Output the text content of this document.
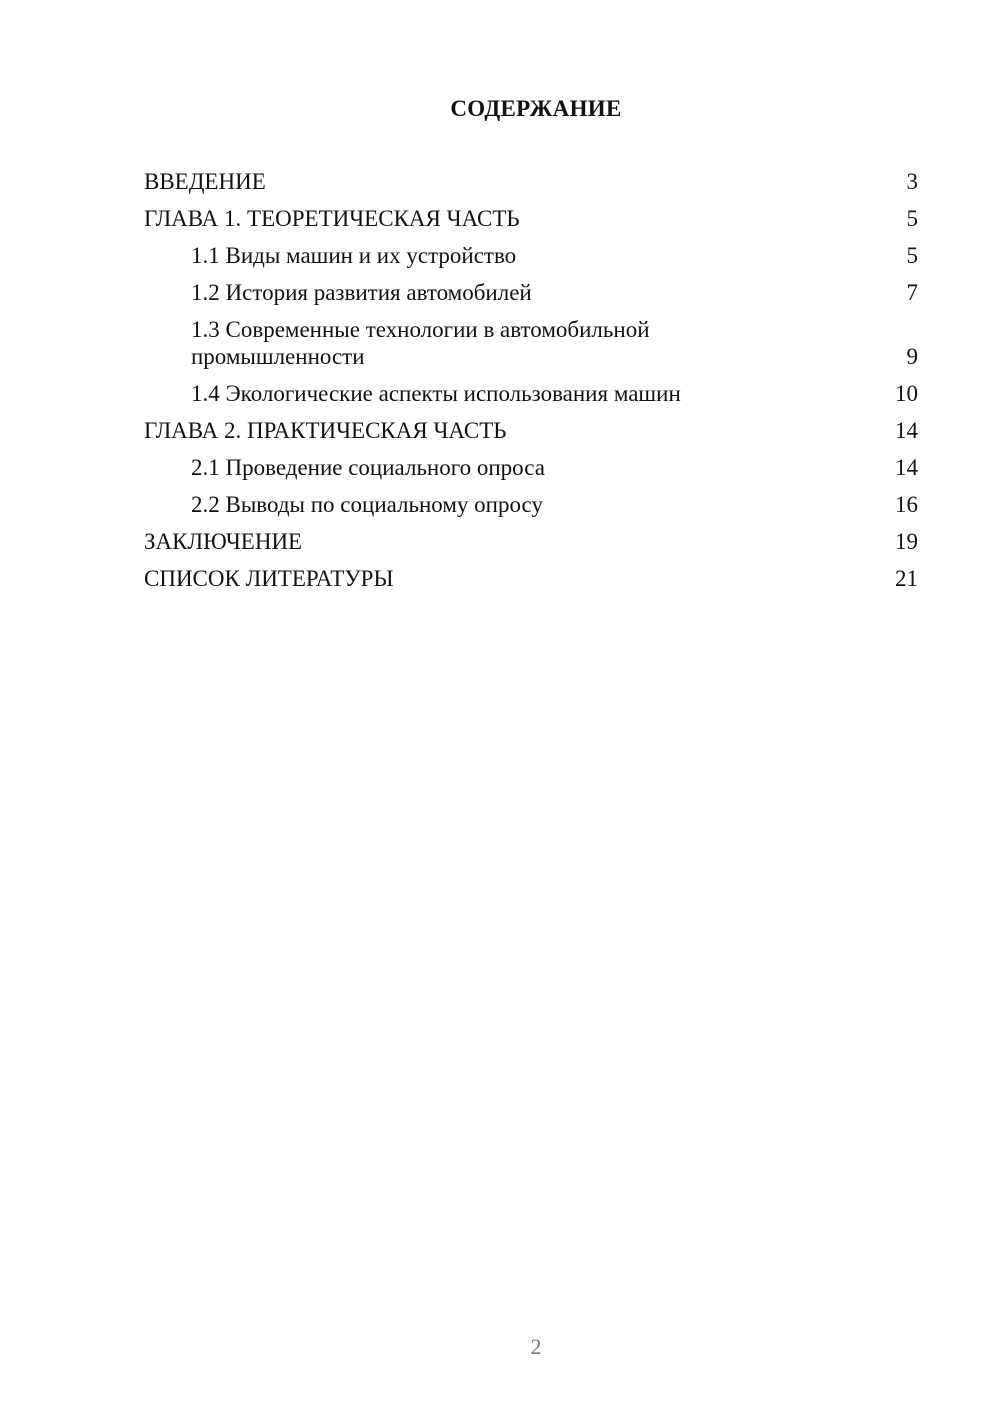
СОДЕРЖАНИЕ
ВВЕДЕНИЕ	3
ГЛАВА 1. ТЕОРЕТИЧЕСКАЯ ЧАСТЬ	5
1.1 Виды машин и их устройство	5
1.2 История развития автомобилей	7
1.3 Современные технологии в автомобильной промышленности	9
1.4 Экологические аспекты использования машин	10
ГЛАВА 2. ПРАКТИЧЕСКАЯ ЧАСТЬ	14
2.1 Проведение социального опроса	14
2.2 Выводы по социальному опросу	16
ЗАКЛЮЧЕНИЕ	19
СПИСОК ЛИТЕРАТУРЫ	21
2
